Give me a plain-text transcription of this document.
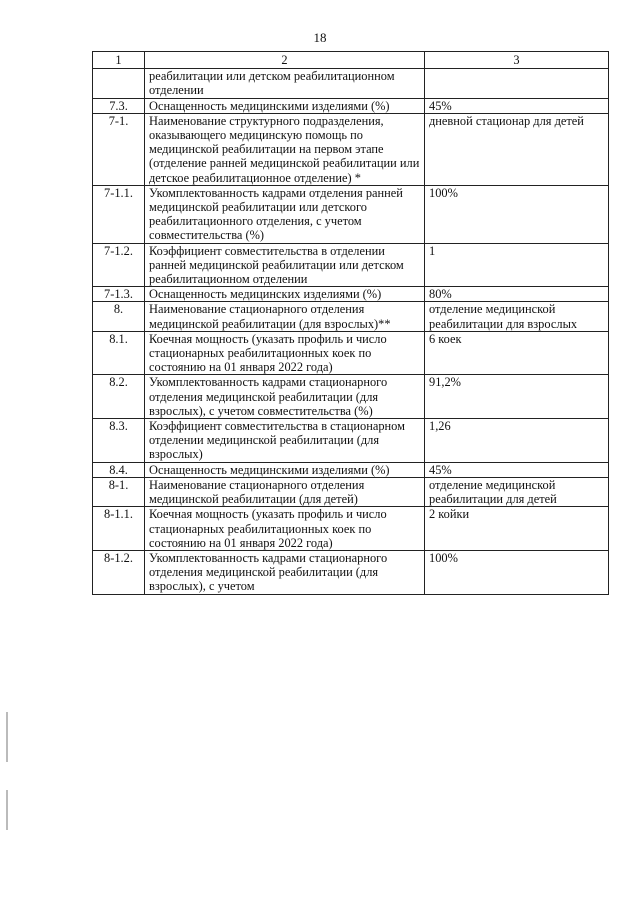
18
1	2	3
	реабилитации или детском реабилитационном отделении	
7.3.	Оснащенность медицинскими изделиями (%)	45%
7-1.	Наименование структурного подразделения, оказывающего медицинскую помощь по медицинской реабилитации на первом этапе (отделение ранней медицинской реабилитации или детское реабилитационное отделение) *	дневной стационар для детей
7-1.1.	Укомплектованность кадрами отделения ранней медицинской реабилитации или детского реабилитационного отделения, с учетом совместительства (%)	100%
7-1.2.	Коэффициент совместительства в отделении ранней медицинской реабилитации или детском реабилитационном отделении	1
7-1.3.	Оснащенность медицинских изделиями (%)	80%
8.	Наименование стационарного отделения медицинской реабилитации (для взрослых)**	отделение медицинской реабилитации для взрослых
8.1.	Коечная мощность (указать профиль и число стационарных реабилитационных коек по состоянию на 01 января 2022 года)	6 коек
8.2.	Укомплектованность кадрами стационарного отделения медицинской реабилитации (для взрослых), с учетом совместительства (%)	91,2%
8.3.	Коэффициент совместительства в стационарном отделении медицинской реабилитации (для взрослых)	1,26
8.4.	Оснащенность медицинскими изделиями (%)	45%
8-1.	Наименование стационарного отделения медицинской реабилитации (для детей)	отделение медицинской реабилитации для детей
8-1.1.	Коечная мощность (указать профиль и число стационарных реабилитационных коек по состоянию на 01 января 2022 года)	2 койки
8-1.2.	Укомплектованность кадрами стационарного отделения медицинской реабилитации (для взрослых), с учетом	100%
